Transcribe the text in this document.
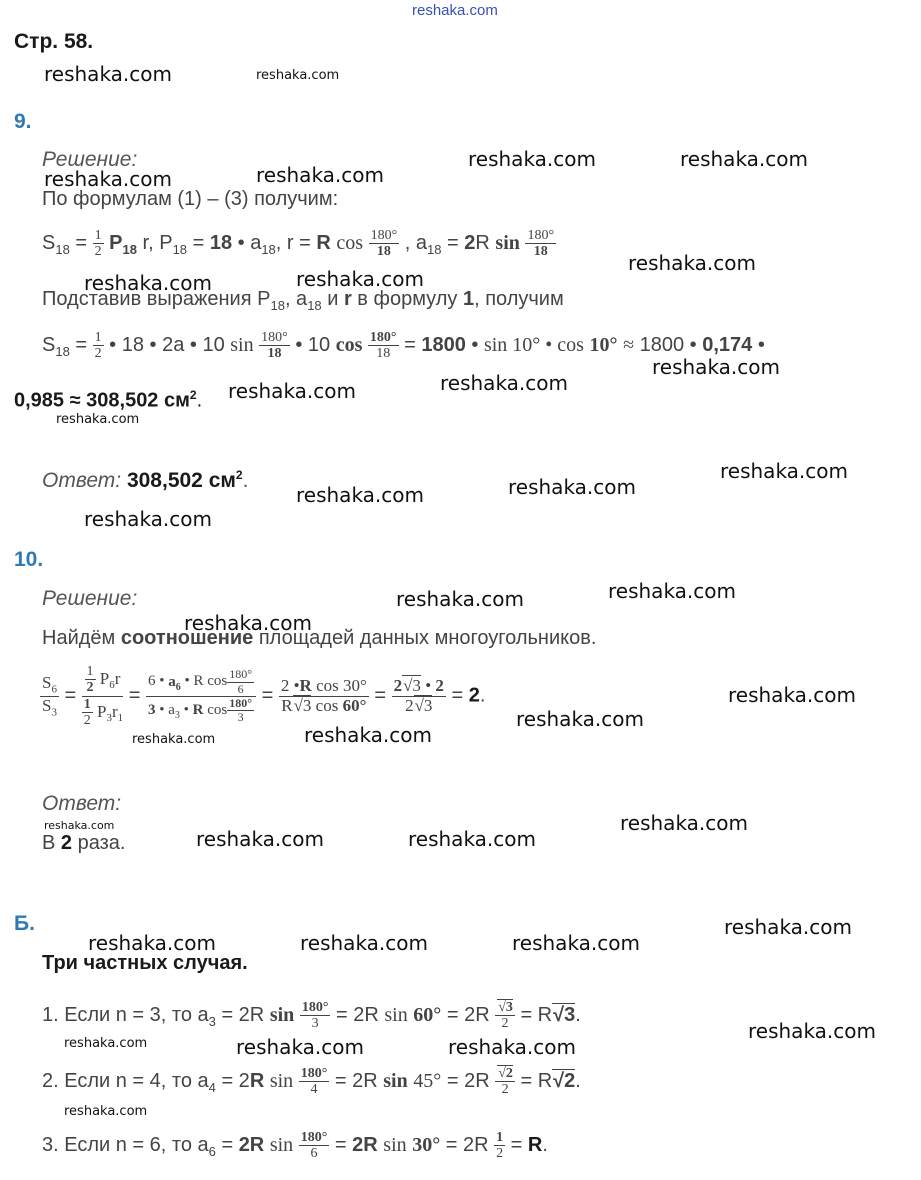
reshaka.com
Стр. 58.
9.
Решение:
По формулам (1) – (3) получим:
$S_{18} = \frac{1}{2} P_{18}$ r, $P_{18} = 18$ • $a_{18}$, r = R $\cos \frac{180^\circ}{18}$ , $a_{18} = 2R$ $\sin \frac{180^\circ}{18}$
Подставив выражения $P_{18}$, $a_{18}$ и r в формулу 1, получим
$S_{18} = \frac{1}{2}$ • 18 • 2a • 10 $\sin \frac{180^\circ}{18}$ • 10 $\cos \frac{180^\circ}{18} = 1800$ • sin 10° • cos 10° ≈ 1800 • 0,174 •
0,985 ≈ 308,502 $см^2$.
Ответ: 308,502 $см^2$.
10.
Решение:
Найдём соотношение площадей данных многоугольников.
$\frac{S_6}{S_3} = \frac{\frac{1}{2} P_6r}{\frac{1}{2} P_3r_1} = \frac{6 • a_6 • R \cos \frac{180^\circ}{6}}{3 • a_3 • R \cos \frac{180^\circ}{3}} = \frac{\text{2 •R cos 30°}}{R√3 \cos 60^\circ} = \frac{2√3 • 2}{2√3} = 2$.
Ответ:
В 2 раза.
Б.
Три частных случая.
1. Если n = 3, то $a_3 = 2R$ $\sin \frac{180^\circ}{3} = 2R$ $\sin 60^\circ = 2R \frac{√3}{2} = R√3$.
2. Если n = 4, то $a_4 = 2R$ $\sin \frac{180^\circ}{4} = 2R$ $\sin 45^\circ = 2R \frac{√2}{2} = R√2$.
3. Если n = 6, то $a_6 = 2R$ $\sin \frac{180^\circ}{6} = 2R$ $\sin 30^\circ = 2R \frac{1}{2} = R$.
reshaka.com	reshaka.com
reshaka.com
reshaka.com	reshaka.com
reshaka.com
reshaka.com
reshaka.com	reshaka.com
reshaka.com
reshaka.com
reshaka.com
reshaka.com
reshaka.com
reshaka.com
reshaka.com
reshaka.com
reshaka.com
reshaka.com
reshaka.com
reshaka.com
reshaka.com
reshaka.com
reshaka.com
reshaka.com
reshaka.com
reshaka.com
reshaka.com
reshaka.com
reshaka.com	reshaka.com	reshaka.com
reshaka.com
reshaka.com	reshaka.com	reshaka.com
reshaka.com
